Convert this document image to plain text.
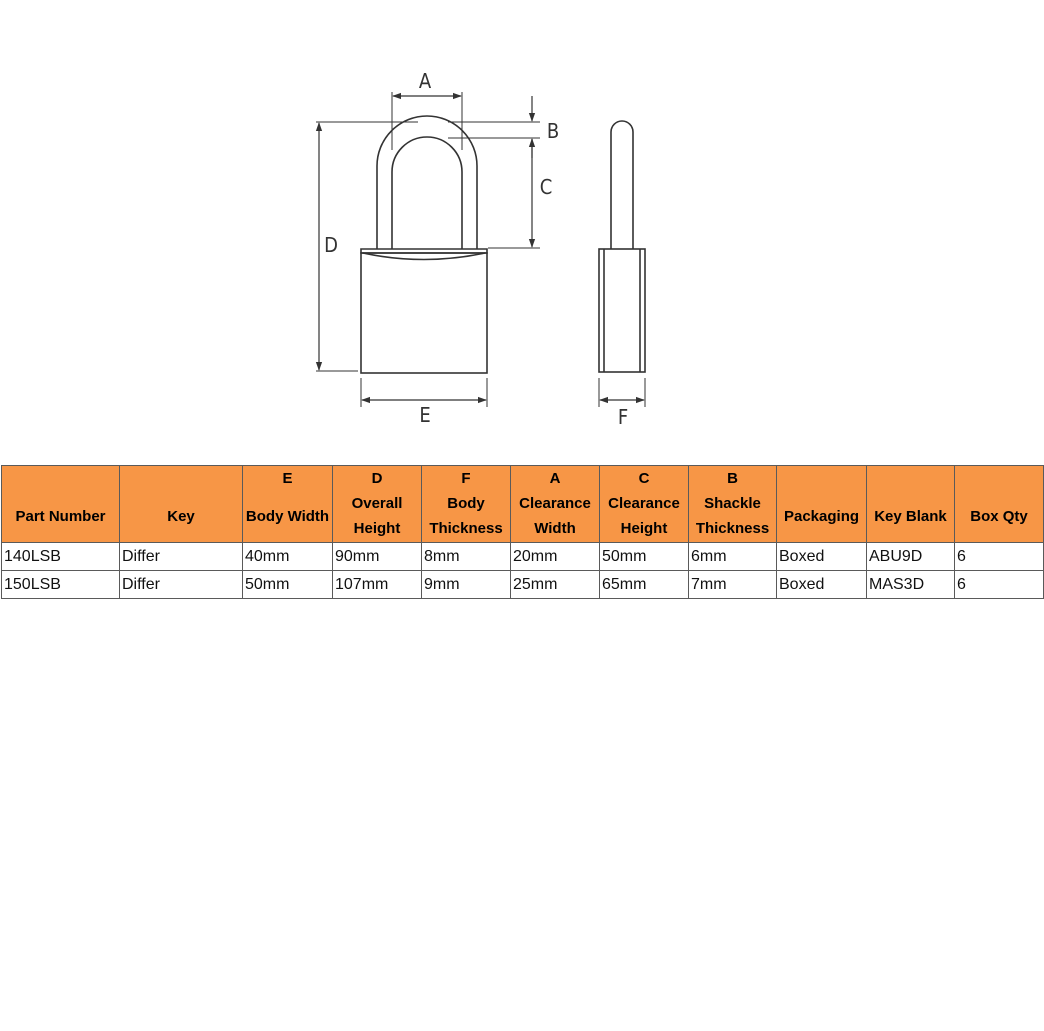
A
B
C
D
E	F
		E	D	F	A	C	B			
Part Number	Key	Body Width	Overall Height	Body Thickness	Clearance Width	Clearance Height	Shackle Thickness	Packaging	Key Blank	Box Qty
140LSB	Differ	40mm	90mm	8mm	20mm	50mm	6mm	Boxed	ABU9D	6
150LSB	Differ	50mm	107mm	9mm	25mm	65mm	7mm	Boxed	MAS3D	6
